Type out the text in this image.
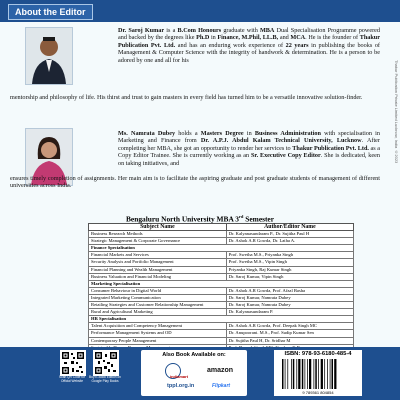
About the Editor
Dr. Saroj Kumar is a B.Com Honours graduate with MBA Dual Specialisation Programme powered and backed by the degrees like Ph.D in Finance, M.Phil, LL.B, and MCA. He is the founder of Thakur Publication Pvt. Ltd. and has an enduring work experience of 22 years in publishing the books of Management & Computer Science with the integrity of handwork & determination. He is a person to be adored by one and all for his
mentorship and philosophy of life. His thirst and trust to gain masters in every field has turned him to be a versatile innovative solution-finder.
Ms. Namrata Dubey holds a Masters Degree in Business Administration with specialisation in Marketing and Finance from Dr. A.P.J. Abdul Kalam Technical University, Lucknow. After completing her MBA, she got an opportunity to render her services to Thakur Publication Pvt. Ltd. as a Copy Editor Trainee. She is currently working as an Sr. Executive Copy Editor. She is dedicated, keen on taking initiatives, and
ensures timely completion of assignments. Her main aim is to facilitate the aspiring graduate and post graduate students of management of different universities across India.
Bengaluru North University MBA 3rd Semester
Subject Name	Author/Editor Name
Business Research Methods	Dr. Kalyanasundaram P., Dr. Sujitha Paul H
Strategic Management & Corporate Governance	Dr. Ashok A.R Gowda, Dr. Latha A.
Finance Specialisation	
Financial Markets and Services	Prof. Swetha M.S., Priyanka Singh
Security Analysis and Portfolio Management	Prof. Swetha M.S., Vipin Singh
Financial Planning and Wealth Management	Priyanka Singh, Raj Kumar Singh
Business Valuation and Financial Modeling	Dr. Saroj Kumar, Vipin Singh
Marketing Specialisation	
Consumer Behaviour in Digital World	Dr. Ashok A.R Gowda, Prof. Afzal Basha
Integrated Marketing Communication	Dr. Saroj Kumar, Namrata Dubey
Retailing Strategies and Customer Relationship Management	Dr. Saroj Kumar, Namrata Dubey
Rural and Agricultural Marketing	Dr. Kalyanasundaram P.
HR Specialisation	
Talent Acquisition and Competency Management	Dr. Ashok A.R Gowda, Prof. Deepak Singh MC
Performance Management Systems and OD	Dr. Anupoorani. M.S., Prof. Sudip Kumar Sen
Contemporary People Management	Dr. Sujitha Paul H, Dr. Sridhar M

Thakur Publication Private Limited Lucknow, India ©2023
Scan QR Code for Official Website
Buy E-Book Edition on Google Play Books
Also Book Available on:
indiamart
tppl.org.in
amazon
Flipkart
ISBN: 978-93-6180-485-4
9 789361 804854
